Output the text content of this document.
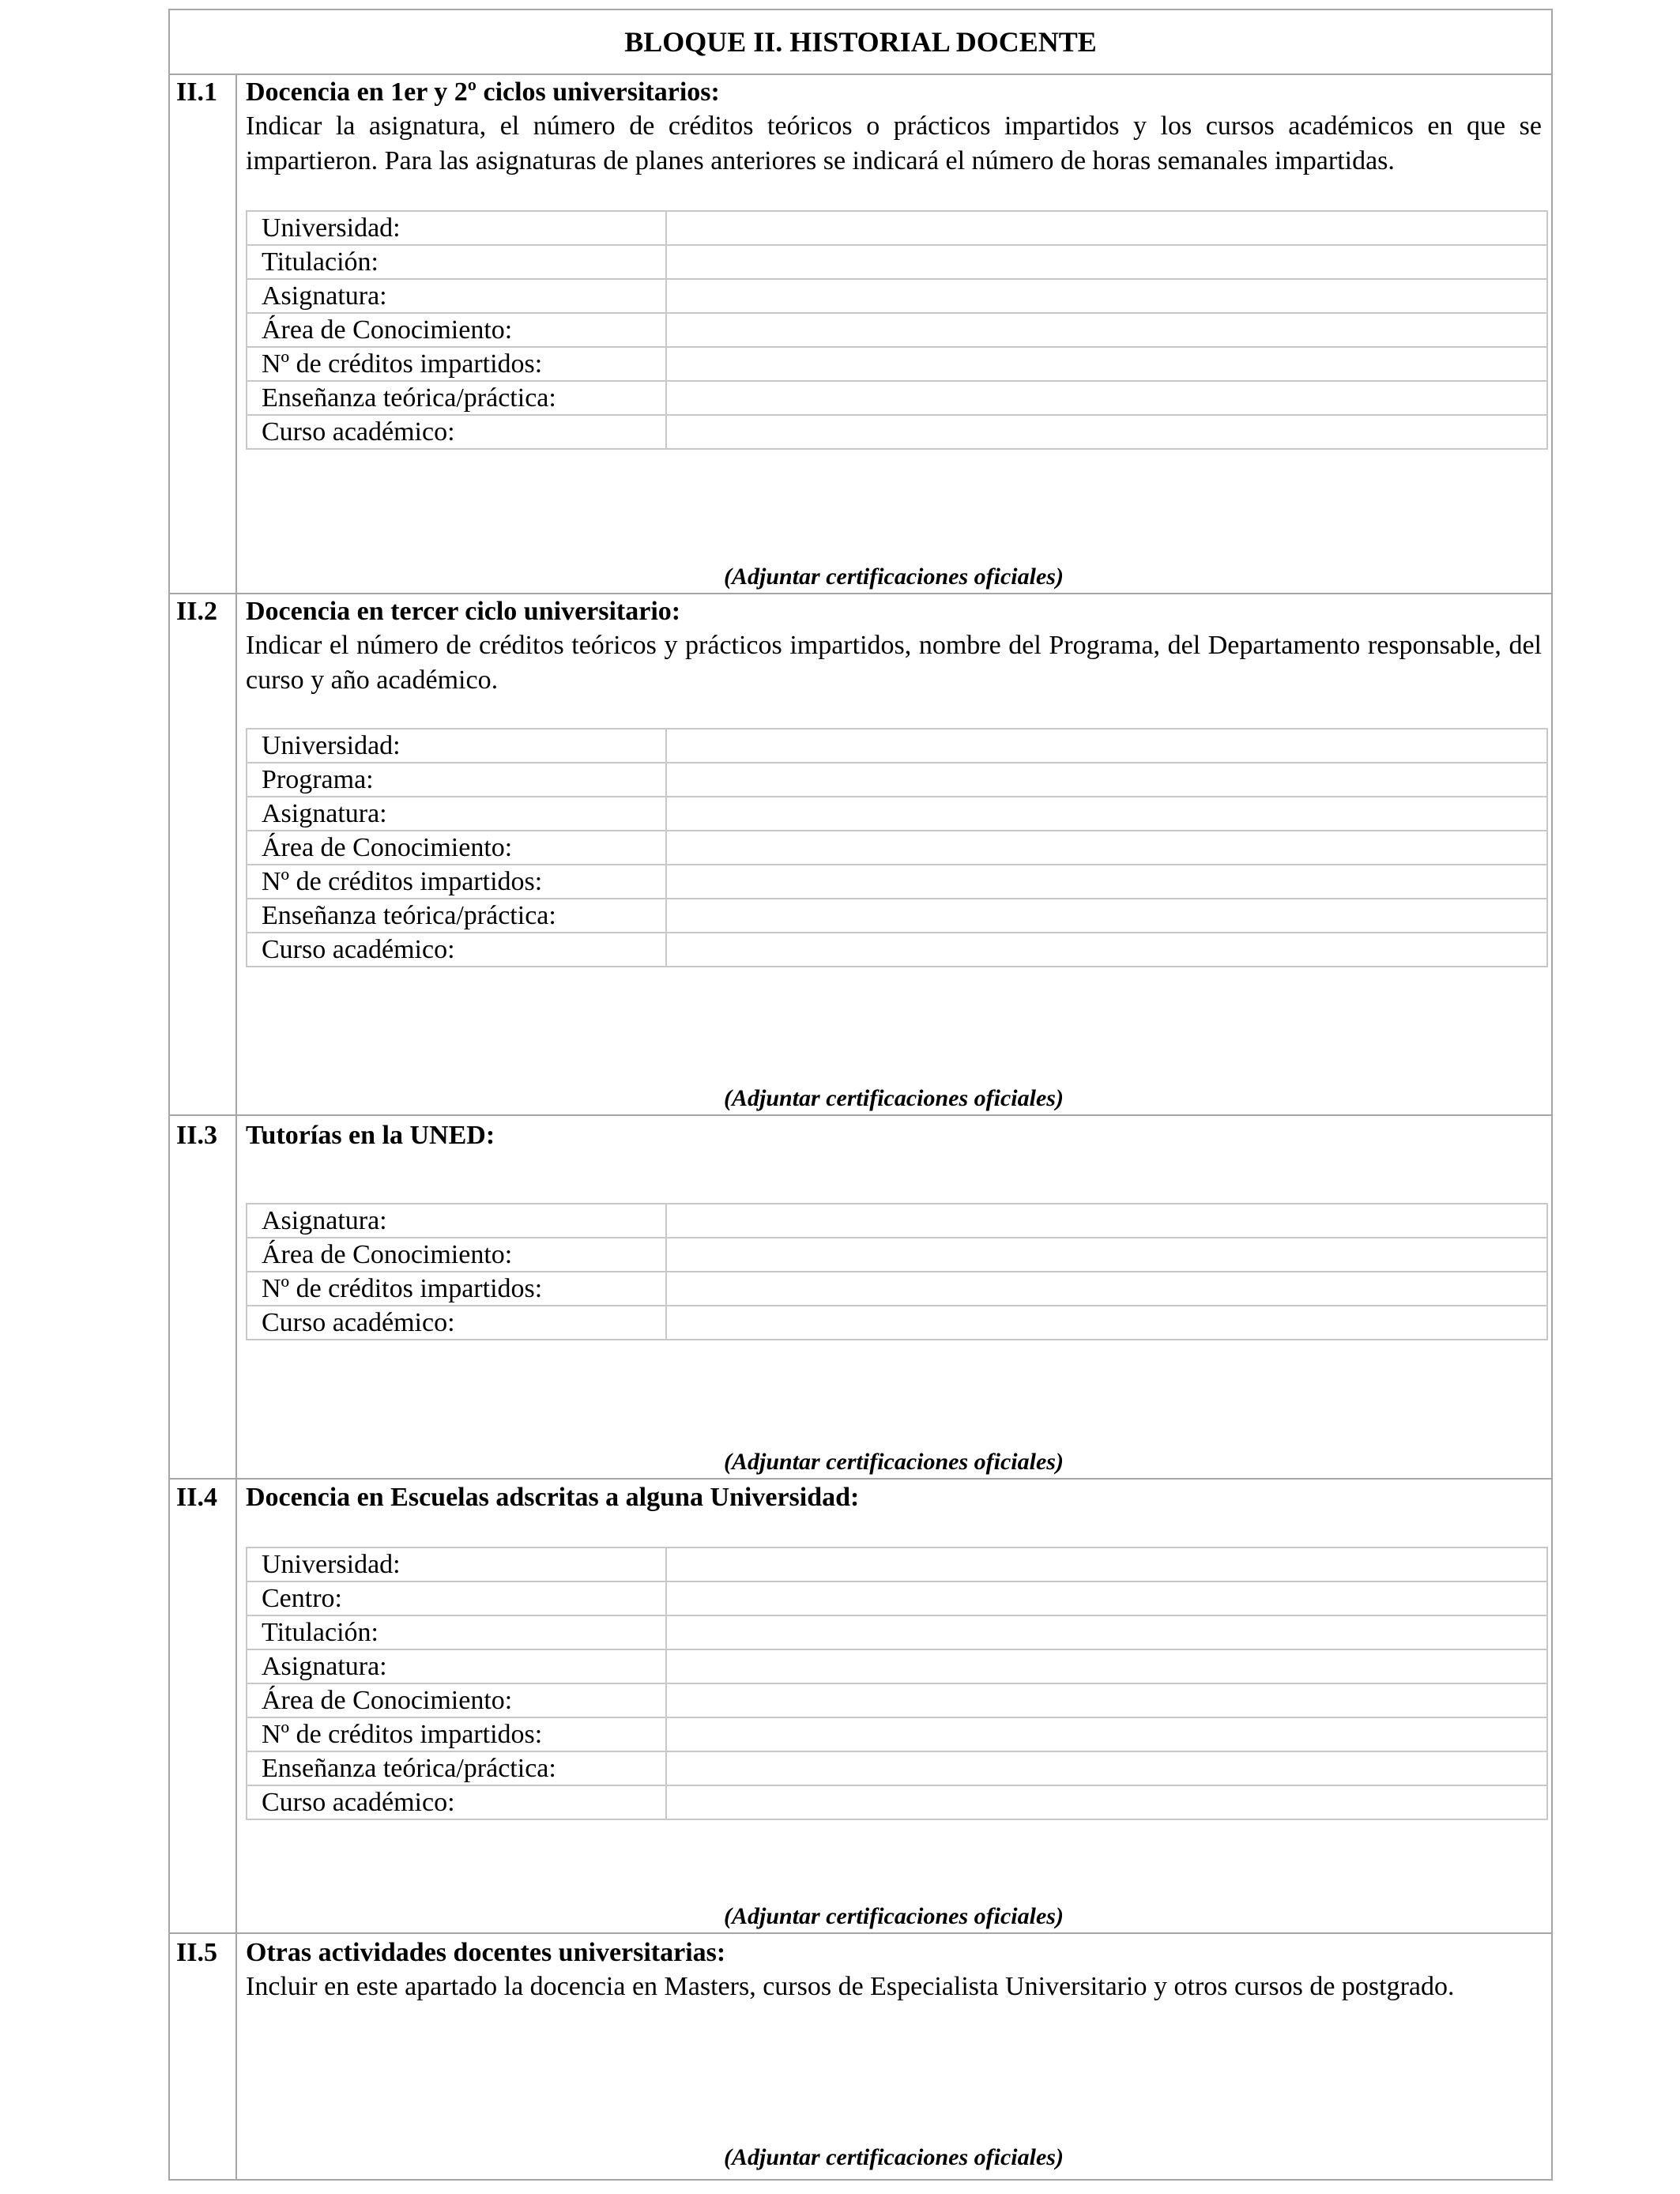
BLOQUE II. HISTORIAL DOCENTE
II.1 Docencia en 1er y 2º ciclos universitarios:
Indicar la asignatura, el número de créditos teóricos o prácticos impartidos y los cursos académicos en que se impartieron. Para las asignaturas de planes anteriores se indicará el número de horas semanales impartidas.
Universidad:	
Titulación:	
Asignatura:	
Área de Conocimiento:	
Nº de créditos impartidos:	
Enseñanza teórica/práctica:	
Curso académico:	
(Adjuntar certificaciones oficiales)
II.2 Docencia en tercer ciclo universitario:
Indicar el número de créditos teóricos y prácticos impartidos, nombre del Programa, del Departamento responsable, del curso y año académico.
Universidad:	
Programa:	
Asignatura:	
Área de Conocimiento:	
Nº de créditos impartidos:	
Enseñanza teórica/práctica:	
Curso académico:	
(Adjuntar certificaciones oficiales)
II.3 Tutorías en la UNED:
Asignatura:	
Área de Conocimiento:	
Nº de créditos impartidos:	
Curso académico:	
(Adjuntar certificaciones oficiales)
II.4 Docencia en Escuelas adscritas a alguna Universidad:
Universidad:	
Centro:	
Titulación:	
Asignatura:	
Área de Conocimiento:	
Nº de créditos impartidos:	
Enseñanza teórica/práctica:	
Curso académico:	
(Adjuntar certificaciones oficiales)
II.5 Otras actividades docentes universitarias:
Incluir en este apartado la docencia en Masters, cursos de Especialista Universitario y otros cursos de postgrado.
(Adjuntar certificaciones oficiales)
